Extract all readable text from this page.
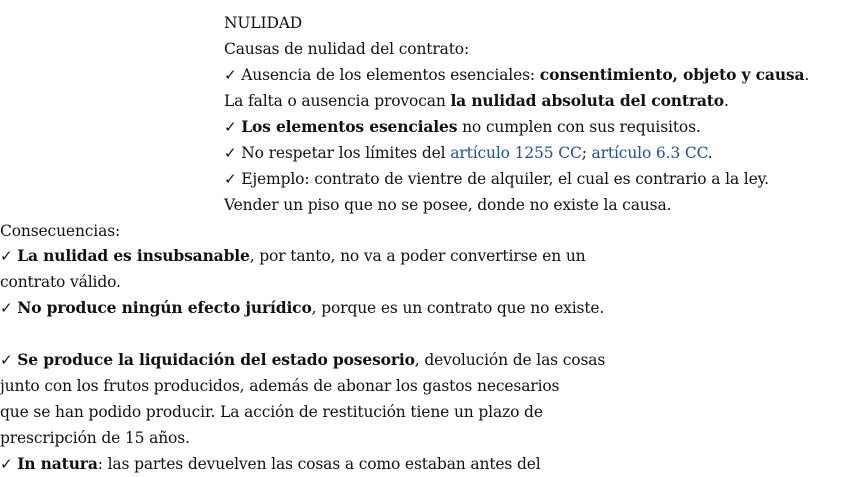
NULIDAD
Causas de nulidad del contrato:
✓ Ausencia de los elementos esenciales: consentimiento, objeto y causa.
La falta o ausencia provocan la nulidad absoluta del contrato.
✓ Los elementos esenciales no cumplen con sus requisitos.
✓ No respetar los límites del artículo 1255 CC; artículo 6.3 CC.
✓ Ejemplo: contrato de vientre de alquiler, el cual es contrario a la ley.
Vender un piso que no se posee, donde no existe la causa.
Consecuencias:
✓ La nulidad es insubsanable, por tanto, no va a poder convertirse en un
contrato válido.
✓ No produce ningún efecto jurídico, porque es un contrato que no existe.
✓ Se produce la liquidación del estado posesorio, devolución de las cosas
junto con los frutos producidos, además de abonar los gastos necesarios
que se han podido producir. La acción de restitución tiene un plazo de
prescripción de 15 años.
✓ In natura: las partes devuelven las cosas a como estaban antes del
